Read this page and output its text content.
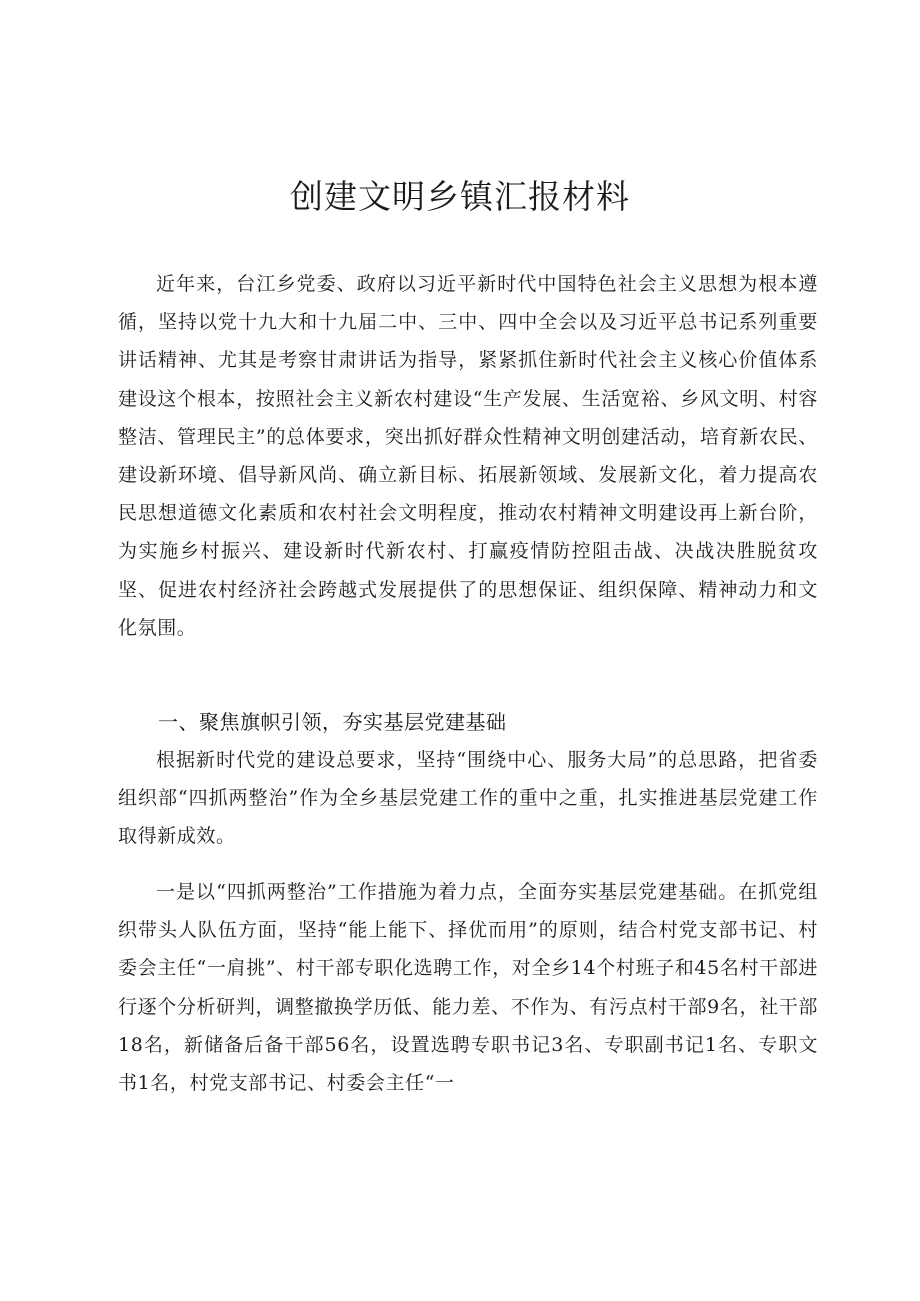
创建文明乡镇汇报材料

近年来，台江乡党委、政府以习近平新时代中国特色社会主义思想为根本遵循，坚持以党十九大和十九届二中、三中、四中全会以及习近平总书记系列重要讲话精神、尤其是考察甘肃讲话为指导，紧紧抓住新时代社会主义核心价值体系建设这个根本，按照社会主义新农村建设“生产发展、生活宽裕、乡风文明、村容整洁、管理民主”的总体要求，突出抓好群众性精神文明创建活动，培育新农民、建设新环境、倡导新风尚、确立新目标、拓展新领域、发展新文化，着力提高农民思想道德文化素质和农村社会文明程度，推动农村精神文明建设再上新台阶，为实施乡村振兴、建设新时代新农村、打赢疫情防控阻击战、决战决胜脱贫攻坚、促进农村经济社会跨越式发展提供了的思想保证、组织保障、精神动力和文化氛围。

一、聚焦旗帜引领，夯实基层党建基础

根据新时代党的建设总要求，坚持“围绕中心、服务大局”的总思路，把省委组织部“四抓两整治”作为全乡基层党建工作的重中之重，扎实推进基层党建工作取得新成效。

一是以“四抓两整治”工作措施为着力点，全面夯实基层党建基础。在抓党组织带头人队伍方面，坚持“能上能下、择优而用”的原则，结合村党支部书记、村委会主任“一肩挑”、村干部专职化选聘工作，对全乡14个村班子和45名村干部进行逐个分析研判，调整撤换学历低、能力差、不作为、有污点村干部9名，社干部18名，新储备后备干部56名，设置选聘专职书记3名、专职副书记1名、专职文书1名，村党支部书记、村委会主任“一
